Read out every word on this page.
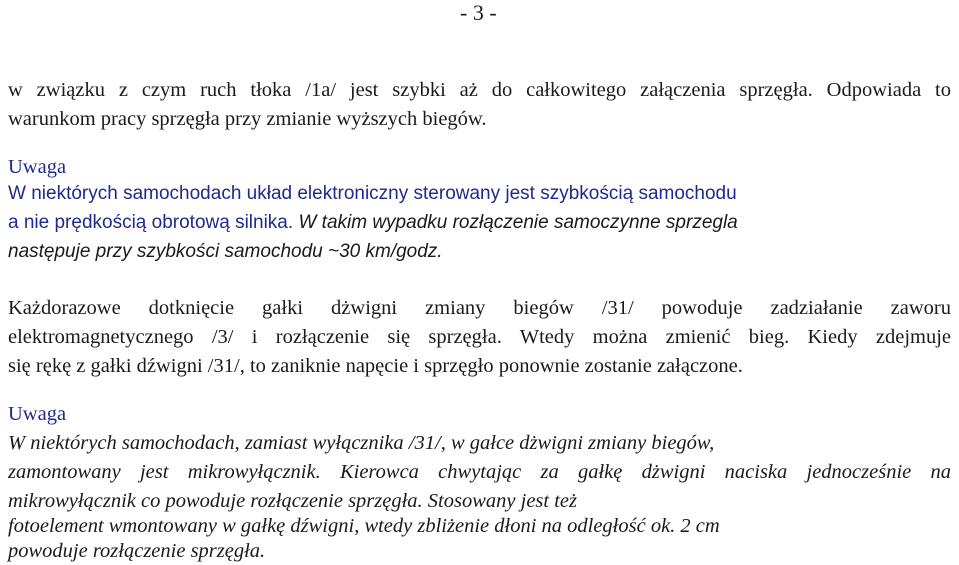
- 3 -
w związku z czym ruch tłoka /1a/ jest szybki aż do całkowitego załączenia sprzęgła. Odpowiada to
warunkom pracy sprzęgła przy zmianie wyższych biegów.
Uwaga
W niektórych samochodach układ elektroniczny sterowany jest szybkością samochodu
a nie prędkością obrotową silnika. W takim wypadku rozłączenie samoczynne sprzegla
następuje przy szybkości samochodu ~30 km/godz.
Każdorazowe dotknięcie gałki dżwigni zmiany biegów /31/ powoduje zadziałanie zaworu
elektromagnetycznego /3/ i rozłączenie się sprzęgła. Wtedy można zmienić bieg. Kiedy zdejmuje
się rękę z gałki dźwigni /31/, to zaniknie napęcie i sprzęgło ponownie zostanie załączone.
Uwaga
W niektórych samochodach, zamiast wyłącznika /31/, w gałce dżwigni zmiany biegów,
zamontowany jest mikrowyłącznik. Kierowca chwytając za gałkę dżwigni naciska jednocześnie na
mikrowyłącznik co powoduje rozłączenie sprzęgła. Stosowany jest też
fotoelement wmontowany w gałkę dźwigni, wtedy zbliżenie dłoni na odległość ok. 2 cm
powoduje rozłączenie sprzęgła.
